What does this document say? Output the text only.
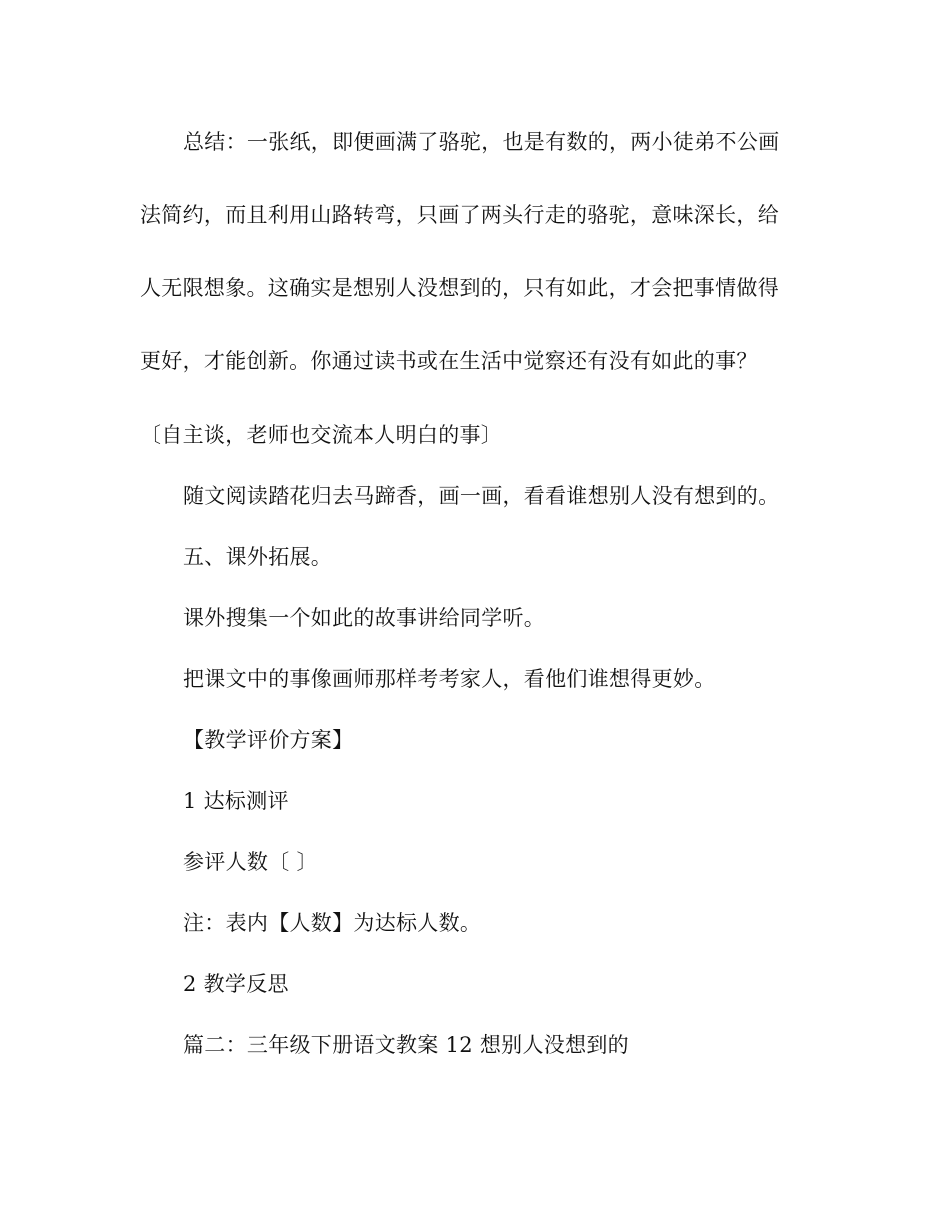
总结：一张纸，即便画满了骆驼，也是有数的，两小徒弟不公画
法简约，而且利用山路转弯，只画了两头行走的骆驼，意味深长，给
人无限想象。这确实是想别人没想到的，只有如此，才会把事情做得
更好，才能创新。你通过读书或在生活中觉察还有没有如此的事？
〔自主谈，老师也交流本人明白的事〕
随文阅读踏花归去马蹄香，画一画，看看谁想别人没有想到的。
五、课外拓展。
课外搜集一个如此的故事讲给同学听。
把课文中的事像画师那样考考家人，看他们谁想得更妙。
【教学评价方案】
1 达标测评
参评人数〔 〕
注：表内【人数】为达标人数。
2 教学反思
篇二：三年级下册语文教案 12 想别人没想到的
